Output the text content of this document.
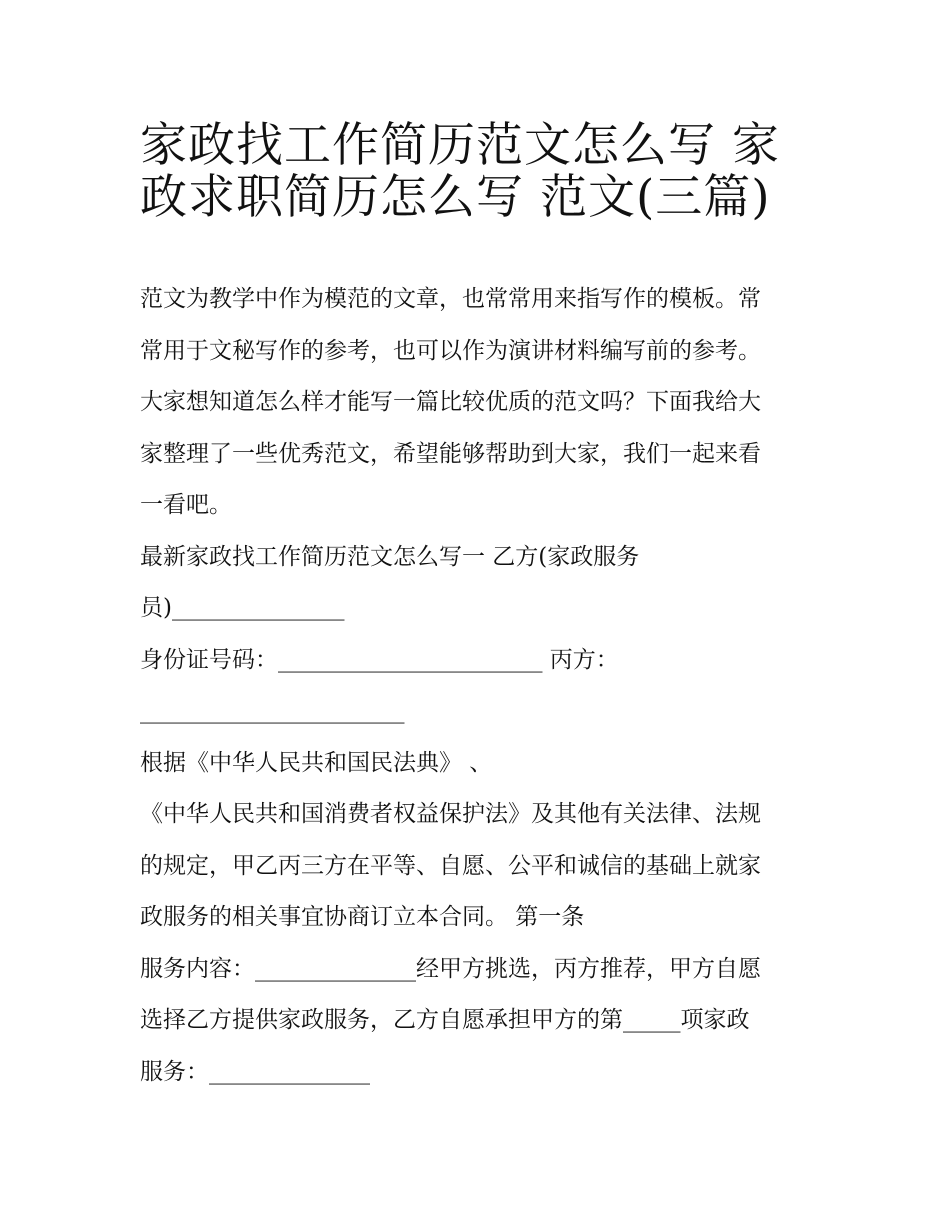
家政找工作简历范文怎么写 家
政求职简历怎么写 范文(三篇)
范文为教学中作为模范的文章，也常常用来指写作的模板。常
常用于文秘写作的参考，也可以作为演讲材料编写前的参考。
大家想知道怎么样才能写一篇比较优质的范文吗？下面我给大
家整理了一些优秀范文，希望能够帮助到大家，我们一起来看
一看吧。
最新家政找工作简历范文怎么写一 乙方(家政服务
员)_______________
身份证号码：_______________________ 丙方：
_______________________
根据《中华人民共和国民法典》 、
《中华人民共和国消费者权益保护法》及其他有关法律、法规
的规定，甲乙丙三方在平等、自愿、公平和诚信的基础上就家
政服务的相关事宜协商订立本合同。 第一条
服务内容：______________经甲方挑选，丙方推荐，甲方自愿
选择乙方提供家政服务，乙方自愿承担甲方的第_____项家政
服务：______________
